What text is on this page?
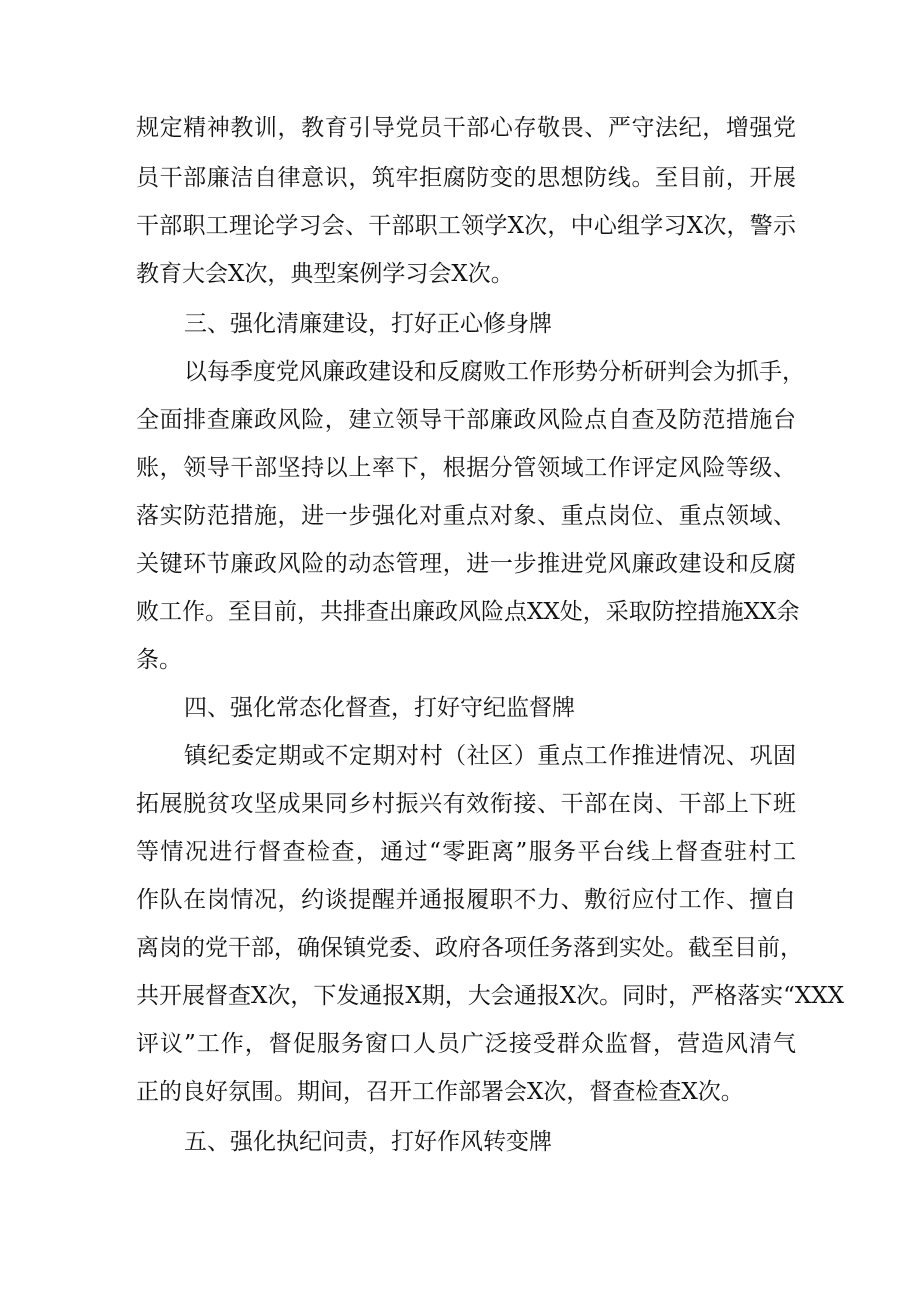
规定精神教训，教育引导党员干部心存敬畏、严守法纪，增强党
员干部廉洁自律意识，筑牢拒腐防变的思想防线。至目前，开展
干部职工理论学习会、干部职工领学X次，中心组学习X次，警示
教育大会X次，典型案例学习会X次。
三、强化清廉建设，打好正心修身牌
以每季度党风廉政建设和反腐败工作形势分析研判会为抓手，
全面排查廉政风险，建立领导干部廉政风险点自查及防范措施台
账，领导干部坚持以上率下，根据分管领域工作评定风险等级、
落实防范措施，进一步强化对重点对象、重点岗位、重点领域、
关键环节廉政风险的动态管理，进一步推进党风廉政建设和反腐
败工作。至目前，共排查出廉政风险点XX处，采取防控措施XX余
条。
四、强化常态化督查，打好守纪监督牌
镇纪委定期或不定期对村（社区）重点工作推进情况、巩固
拓展脱贫攻坚成果同乡村振兴有效衔接、干部在岗、干部上下班
等情况进行督查检查，通过“零距离”服务平台线上督查驻村工
作队在岗情况，约谈提醒并通报履职不力、敷衍应付工作、擅自
离岗的党干部，确保镇党委、政府各项任务落到实处。截至目前，
共开展督查X次，下发通报X期，大会通报X次。同时，严格落实“XXX
评议”工作，督促服务窗口人员广泛接受群众监督，营造风清气
正的良好氛围。期间，召开工作部署会X次，督查检查X次。
五、强化执纪问责，打好作风转变牌
